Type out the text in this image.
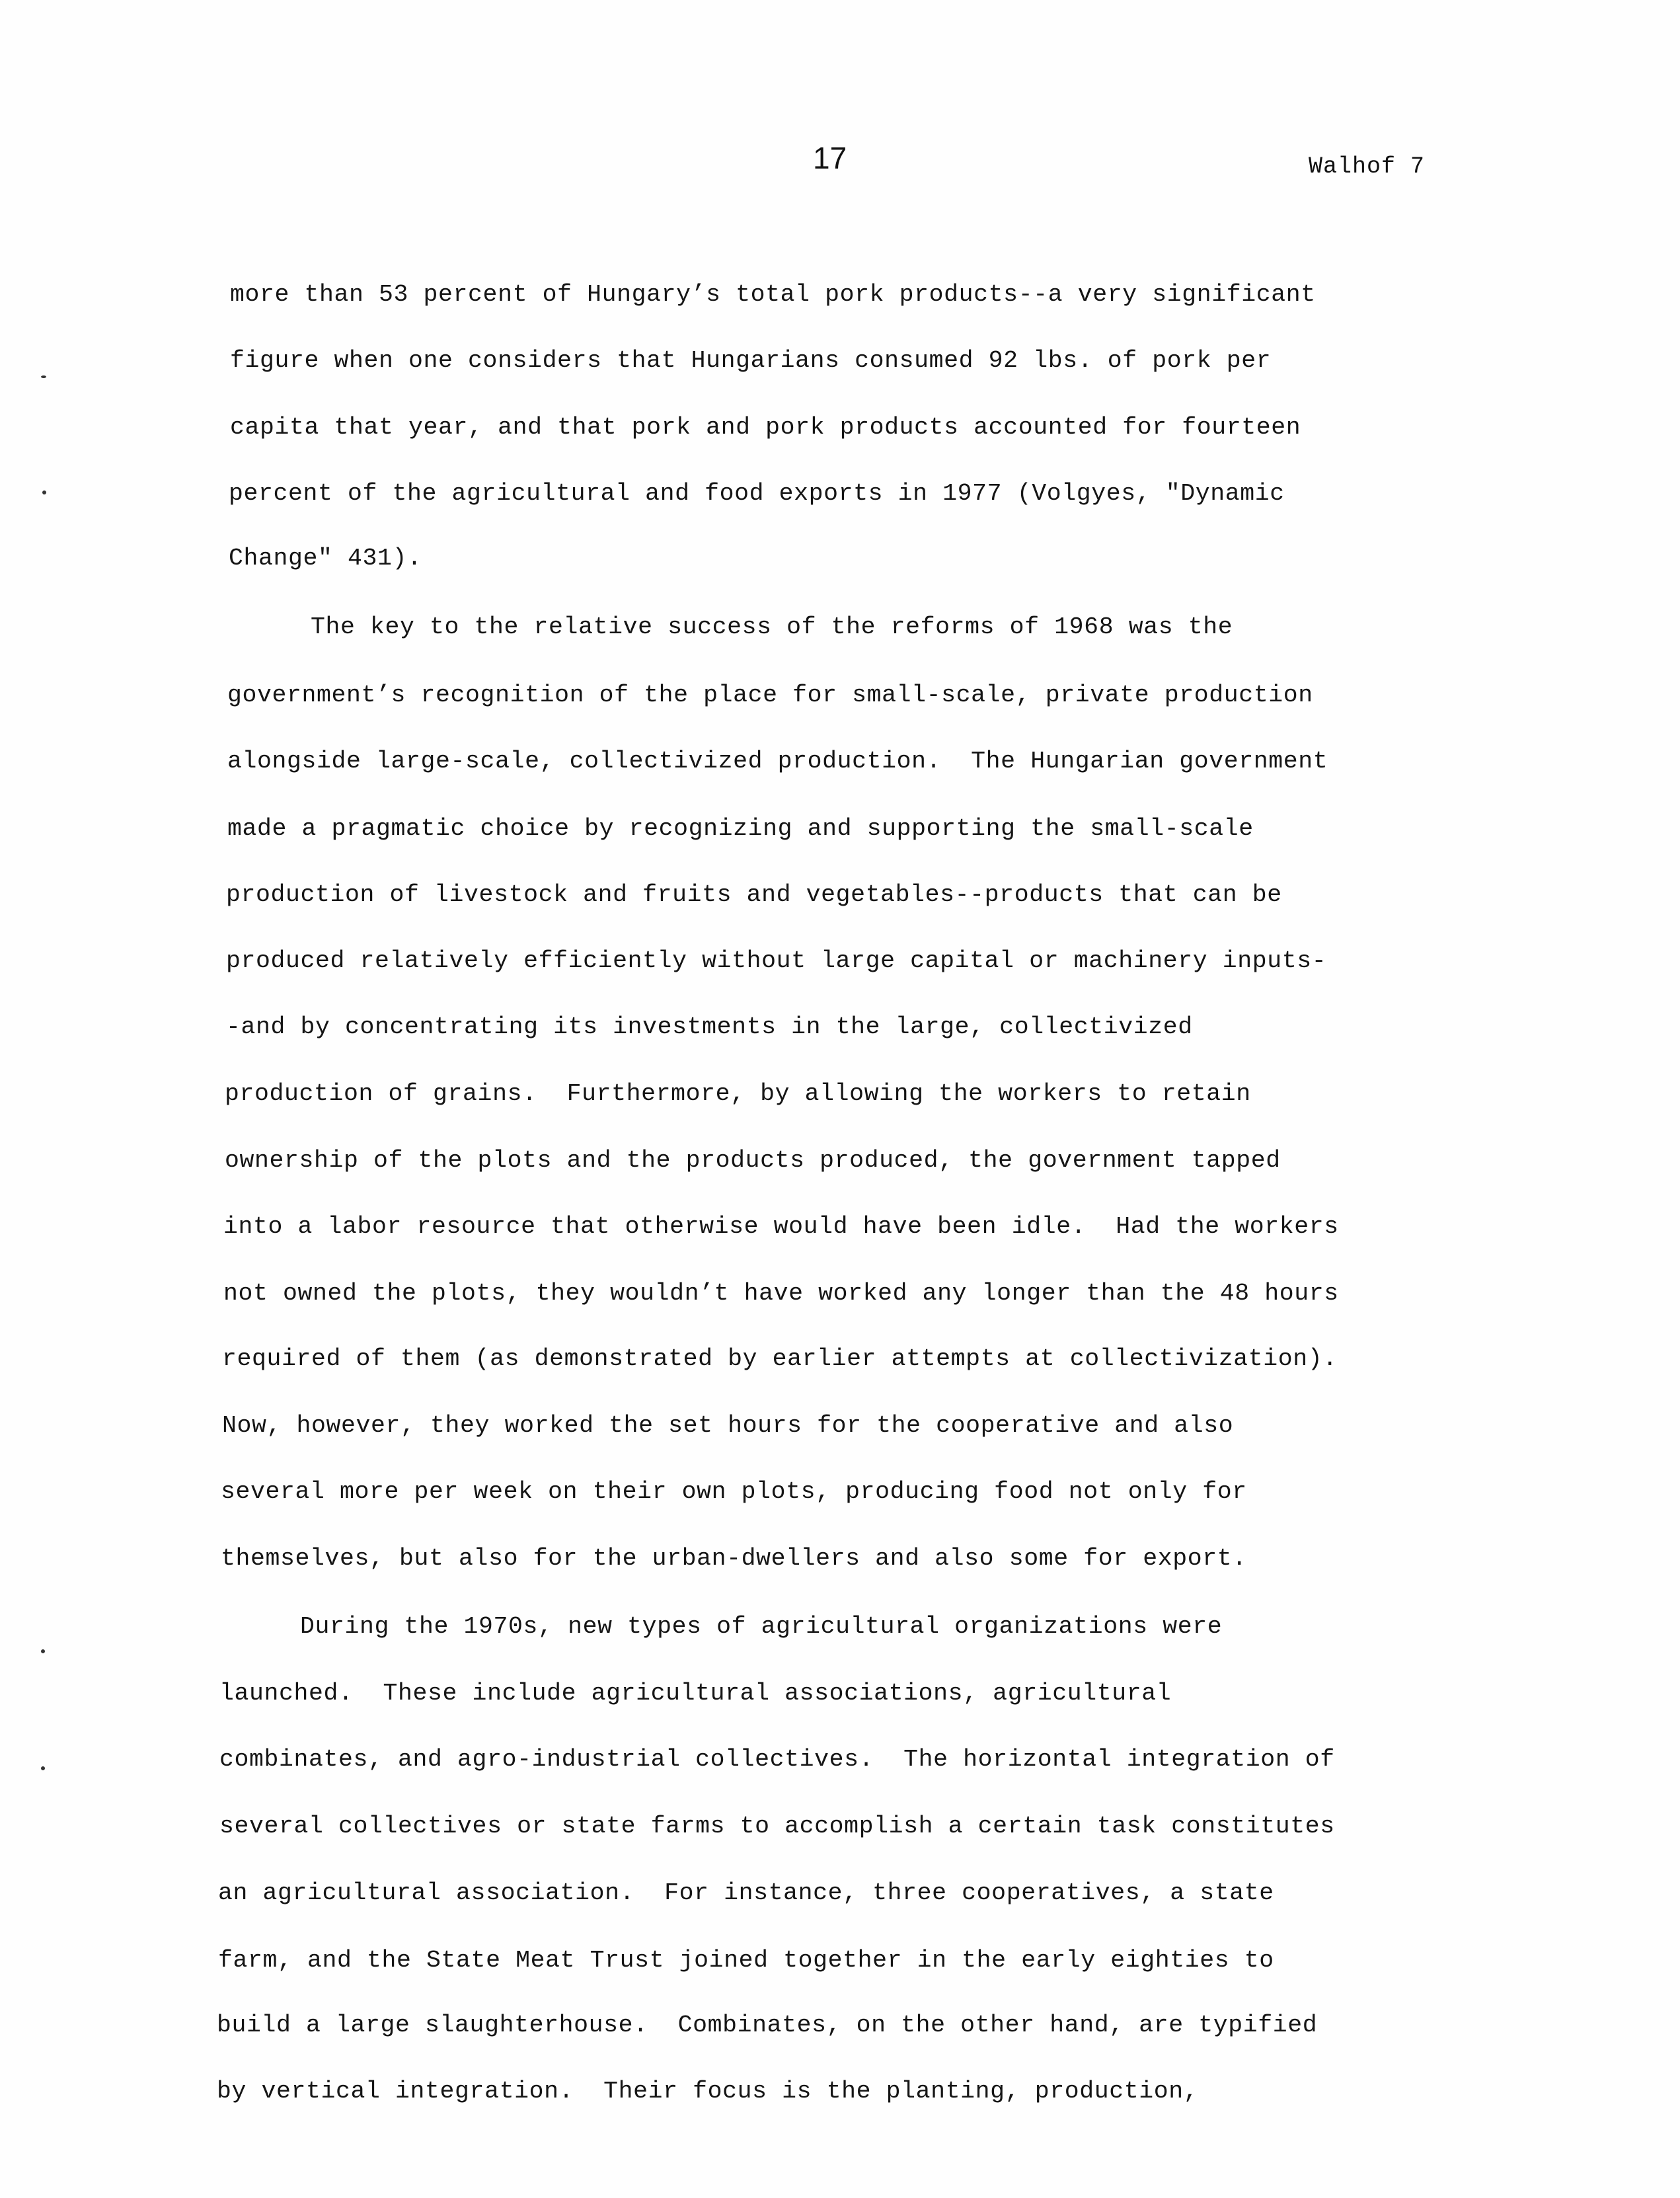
17	Walhof 7
more than 53 percent of Hungary’s total pork products--a very significant
figure when one considers that Hungarians consumed 92 lbs. of pork per
capita that year, and that pork and pork products accounted for fourteen
percent of the agricultural and food exports in 1977 (Volgyes, "Dynamic
Change" 431).
The key to the relative success of the reforms of 1968 was the
government’s recognition of the place for small-scale, private production
alongside large-scale, collectivized production.  The Hungarian government
made a pragmatic choice by recognizing and supporting the small-scale
production of livestock and fruits and vegetables--products that can be
produced relatively efficiently without large capital or machinery inputs-
-and by concentrating its investments in the large, collectivized
production of grains.  Furthermore, by allowing the workers to retain
ownership of the plots and the products produced, the government tapped
into a labor resource that otherwise would have been idle.  Had the workers
not owned the plots, they wouldn’t have worked any longer than the 48 hours
required of them (as demonstrated by earlier attempts at collectivization).
Now, however, they worked the set hours for the cooperative and also
several more per week on their own plots, producing food not only for
themselves, but also for the urban-dwellers and also some for export.
During the 1970s, new types of agricultural organizations were
launched.  These include agricultural associations, agricultural
combinates, and agro-industrial collectives.  The horizontal integration of
several collectives or state farms to accomplish a certain task constitutes
an agricultural association.  For instance, three cooperatives, a state
farm, and the State Meat Trust joined together in the early eighties to
build a large slaughterhouse.  Combinates, on the other hand, are typified
by vertical integration.  Their focus is the planting, production,
